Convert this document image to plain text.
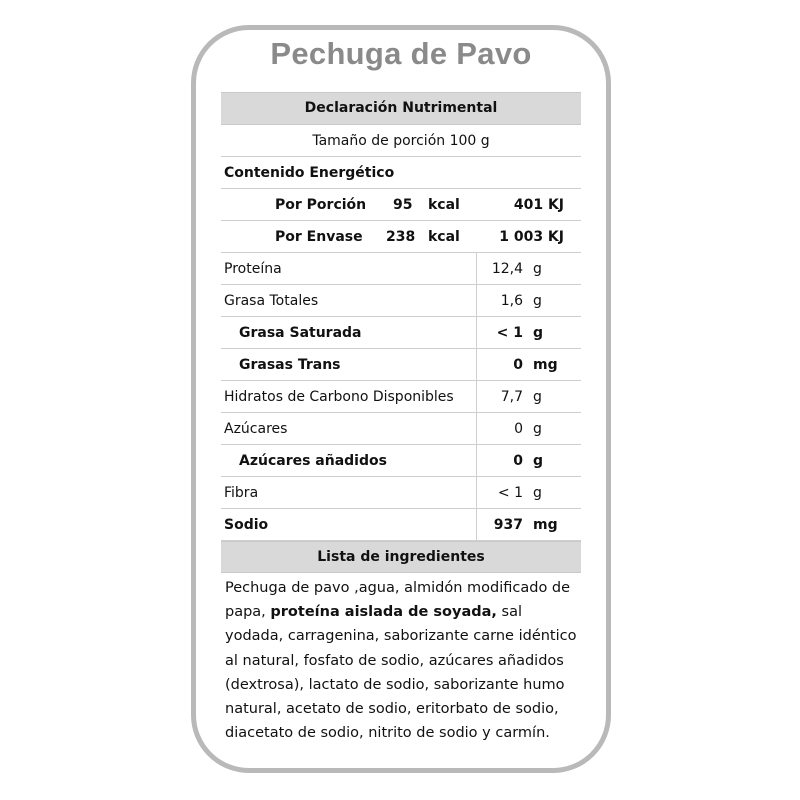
Pechuga de Pavo
Declaración Nutrimental
Tamaño de porción 100 g
Contenido Energético
Por Porción 95 kcal	401 KJ
Por Envase 238 kcal	1 003 KJ
Proteína	12,4 g
Grasa Totales	1,6 g
Grasa Saturada	< 1 g
Grasas Trans	0 mg
Hidratos de Carbono Disponibles	7,7 g
Azúcares	0 g
Azúcares añadidos	0 g
Fibra	< 1 g
Sodio	937 mg
Lista de ingredientes
Pechuga de pavo ,agua, almidón modificado de papa, proteína aislada de soyada, sal yodada, carragenina, saborizante carne idéntico al natural, fosfato de sodio, azúcares añadidos (dextrosa), lactato de sodio, saborizante humo natural, acetato de sodio, eritorbato de sodio, diacetato de sodio, nitrito de sodio y carmín.
